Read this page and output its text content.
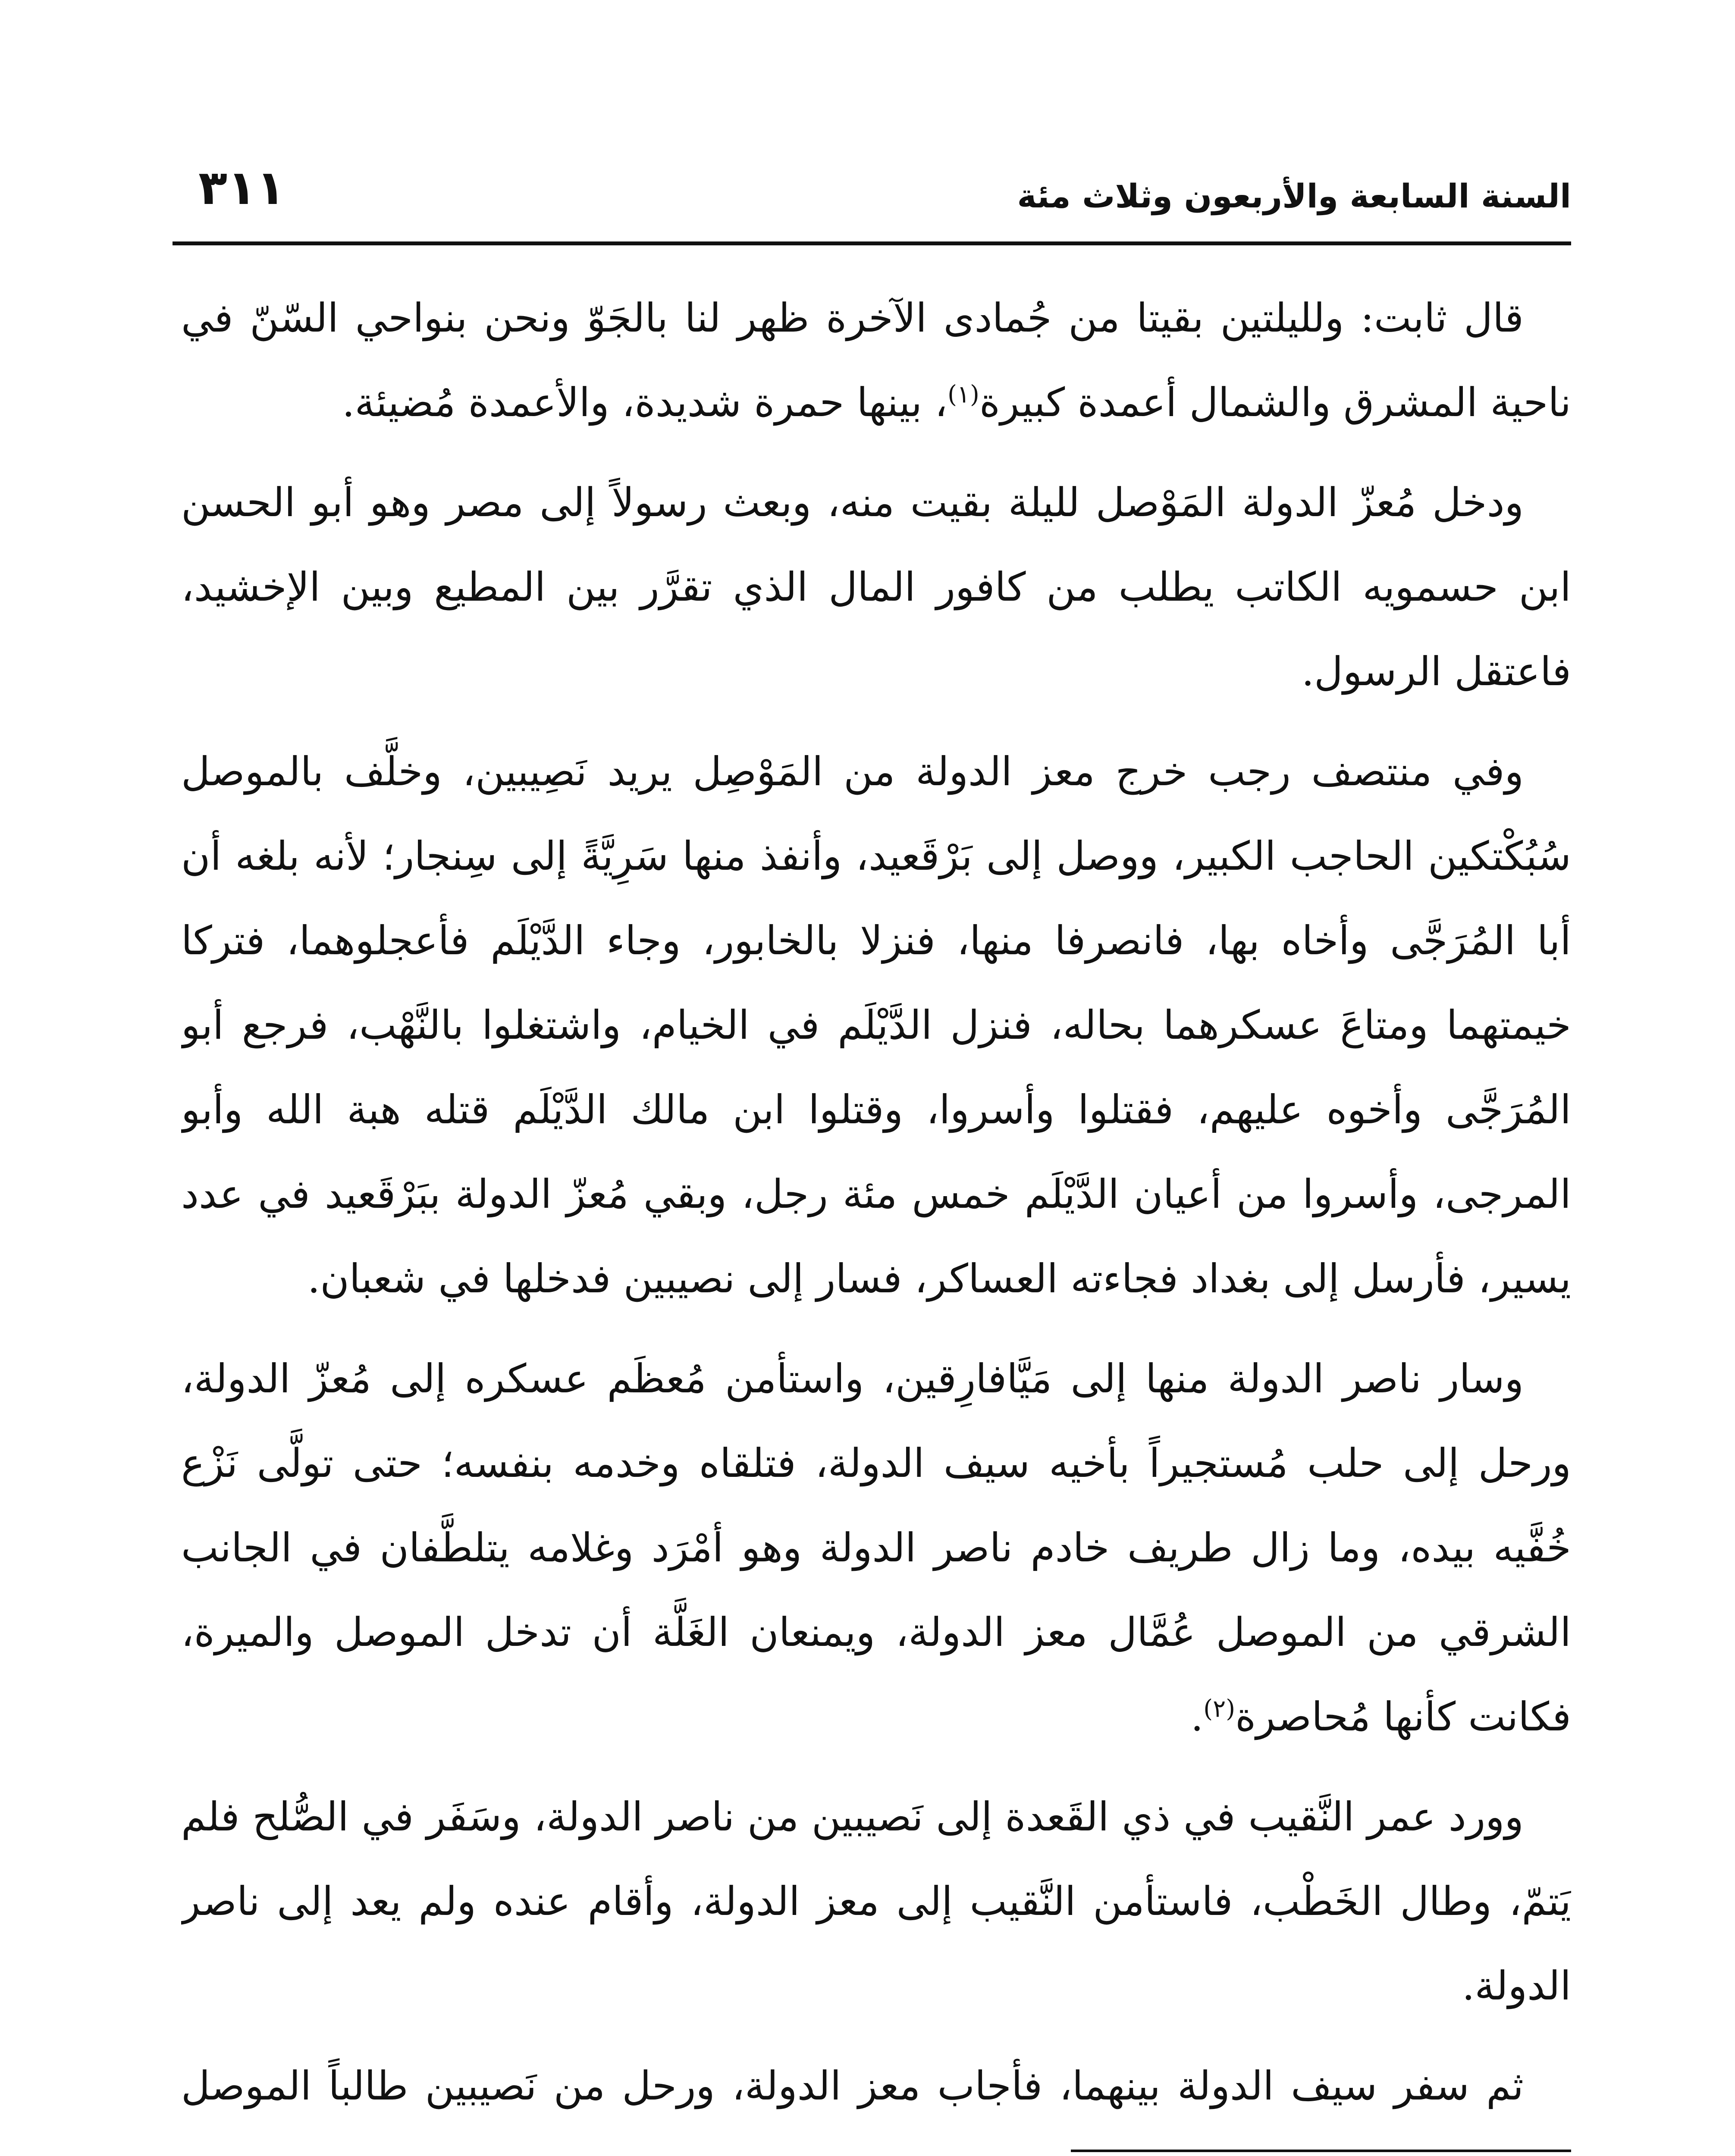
السنة السابعة والأربعون وثلاث مئة
٣١١

قال ثابت: ولليلتين بقيتا من جُمادى الآخرة ظهر لنا بالجَوّ ونحن بنواحي السّنّ في ناحية المشرق والشمال أعمدة كبيرة$^{(١)}$، بينها حمرة شديدة، والأعمدة مُضيئة.

ودخل مُعزّ الدولة المَوْصل لليلة بقيت منه، وبعث رسولاً إلى مصر وهو أبو الحسن ابن حسمويه الكاتب يطلب من كافور المال الذي تقرَّر بين المطيع وبين الإخشيد، فاعتقل الرسول.

وفي منتصف رجب خرج معز الدولة من المَوْصِل يريد نَصِيبين، وخلَّف بالموصل سُبُكْتكين الحاجب الكبير، ووصل إلى بَرْقَعيد، وأنفذ منها سَرِيَّةً إلى سِنجار؛ لأنه بلغه أن أبا المُرَجَّى وأخاه بها، فانصرفا منها، فنزلا بالخابور، وجاء الدَّيْلَم فأعجلوهما، فتركا خيمتهما ومتاعَ عسكرهما بحاله، فنزل الدَّيْلَم في الخيام، واشتغلوا بالنَّهْب، فرجع أبو المُرَجَّى وأخوه عليهم، فقتلوا وأسروا، وقتلوا ابن مالك الدَّيْلَم قتله هبة الله وأبو المرجى، وأسروا من أعيان الدَّيْلَم خمس مئة رجل، وبقي مُعزّ الدولة ببَرْقَعيد في عدد يسير، فأرسل إلى بغداد فجاءته العساكر، فسار إلى نصيبين فدخلها في شعبان.

وسار ناصر الدولة منها إلى مَيَّافارِقين، واستأمن مُعظَم عسكره إلى مُعزّ الدولة، ورحل إلى حلب مُستجيراً بأخيه سيف الدولة، فتلقاه وخدمه بنفسه؛ حتى تولَّى نَزْع خُفَّيه بيده، وما زال طريف خادم ناصر الدولة وهو أمْرَد وغلامه يتلطَّفان في الجانب الشرقي من الموصل عُمَّال معز الدولة، ويمنعان الغَلَّة أن تدخل الموصل والميرة، فكانت كأنها مُحاصرة$^{(٢)}$.

وورد عمر النَّقيب في ذي القَعدة إلى نَصيبين من ناصر الدولة، وسَفَر في الصُّلح فلم يَتمّ، وطال الخَطْب، فاستأمن النَّقيب إلى معز الدولة، وأقام عنده ولم يعد إلى ناصر الدولة.

ثم سفر سيف الدولة بينهما، فأجاب معز الدولة، ورحل من نَصيبين طالباً الموصل
